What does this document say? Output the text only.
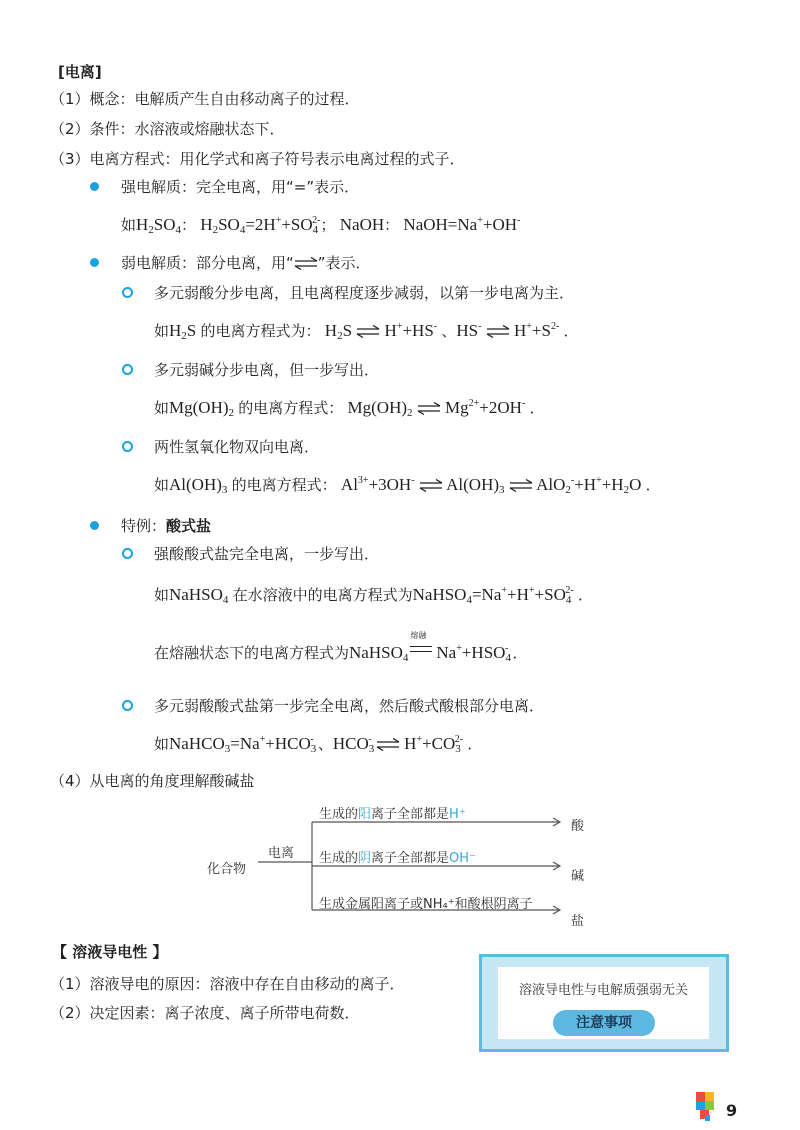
[电离]
（1）概念：电解质产生自由移动离子的过程．
（2）条件：水溶液或熔融状态下．
（3）电离方程式：用化学式和离子符号表示电离过程的式子．
强电解质：完全电离，用“=”表示．
如$H_2SO_4$： $H_2SO_4=2H^++SO_4^{2-}$； NaOH： NaOH=Na++OH-
弱电解质：部分电离，用“ ”表示．
多元弱酸分步电离，且电离程度逐步减弱，以第一步电离为主．
如$H_2S$ 的电离方程式为： $H_2S$  H++HS- 、HS-  $H^++S^{2-}$ ．
多元弱碱分步电离，但一步写出．
如$Mg(OH)_2$ 的电离方程式： $Mg(OH)_2$  $Mg^{2+}+2OH^-$ ．
两性氢氧化物双向电离．
如$Al(OH)_3$ 的电离方程式： $Al^{3+}+3OH^-$  $Al(OH)_3$  $AlO_2^-+H^++H_2O$ ．
特例：酸式盐
强酸酸式盐完全电离，一步写出．
如NaHSO$_4$ 在水溶液中的电离方程式为$NaHSO_4=Na^++H^++SO_4^{2-}$ ．
在熔融状态下的电离方程式为NaHSO$_4$
熔融
$Na^++HSO_4^-$ ．
多元弱酸酸式盐第一步完全电离，然后酸式酸根部分电离．
如$NaHCO_3=Na^++HCO_3^-$ 、$HCO_3^-$  $H^++CO_3^{2-}$ ．
（4）从电离的角度理解酸碱盐
化合物
电离
生成的阳离子全部都是H⁺
酸
生成的阴离子全部都是OH⁻
碱
生成金属阳离子或NH₄⁺和酸根阴离子
盐
【 溶液导电性 】
（1）溶液导电的原因：溶液中存在自由移动的离子．
（2）决定因素：离子浓度、离子所带电荷数．
溶液导电性与电解质强弱无关
注意事项
9
